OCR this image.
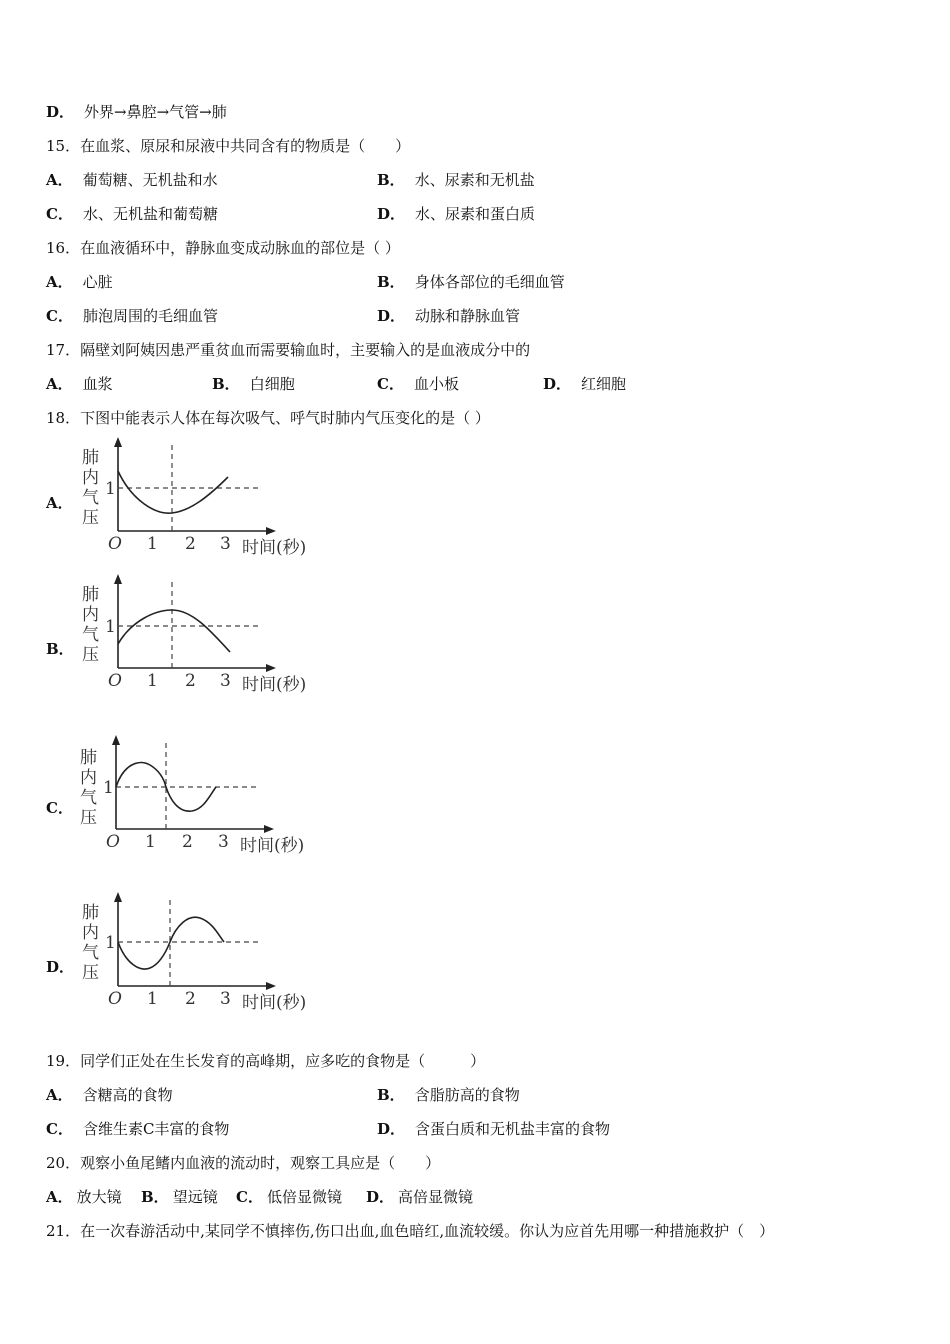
D． 外界→鼻腔→气管→肺
15．在血浆、原尿和尿液中共同含有的物质是（　　）
A． 葡萄糖、无机盐和水	B． 水、尿素和无机盐
C． 水、无机盐和葡萄糖	D． 水、尿素和蛋白质
16．在血液循环中，静脉血变成动脉血的部位是（ ）
A． 心脏	B． 身体各部位的毛细血管
C． 肺泡周围的毛细血管	D． 动脉和静脉血管
17．隔壁刘阿姨因患严重贫血而需要输血时，主要输入的是血液成分中的
A． 血浆	B． 白细胞	C． 血小板	D． 红细胞
18．下图中能表示人体在每次吸气、呼气时肺内气压变化的是（ ）
A．
肺
内
气
压
1
O 1 2 3 时间(秒)
B．
肺
内
气
压
1
O 1 2 3 时间(秒)
C．
肺
内
气
压
1
O 1 2 3 时间(秒)
D．
肺
内
气
压
1
O 1 2 3 时间(秒)
19．同学们正处在生长发育的高峰期，应多吃的食物是（　　　）
A． 含糖高的食物	B． 含脂肪高的食物
C． 含维生素C丰富的食物	D． 含蛋白质和无机盐丰富的食物
20．观察小鱼尾鳍内血液的流动时，观察工具应是（　　）
A． 放大镜 B． 望远镜 C． 低倍显微镜 D． 高倍显微镜
21．在一次春游活动中,某同学不慎摔伤,伤口出血,血色暗红,血流较缓。你认为应首先用哪一种措施救护（　）
